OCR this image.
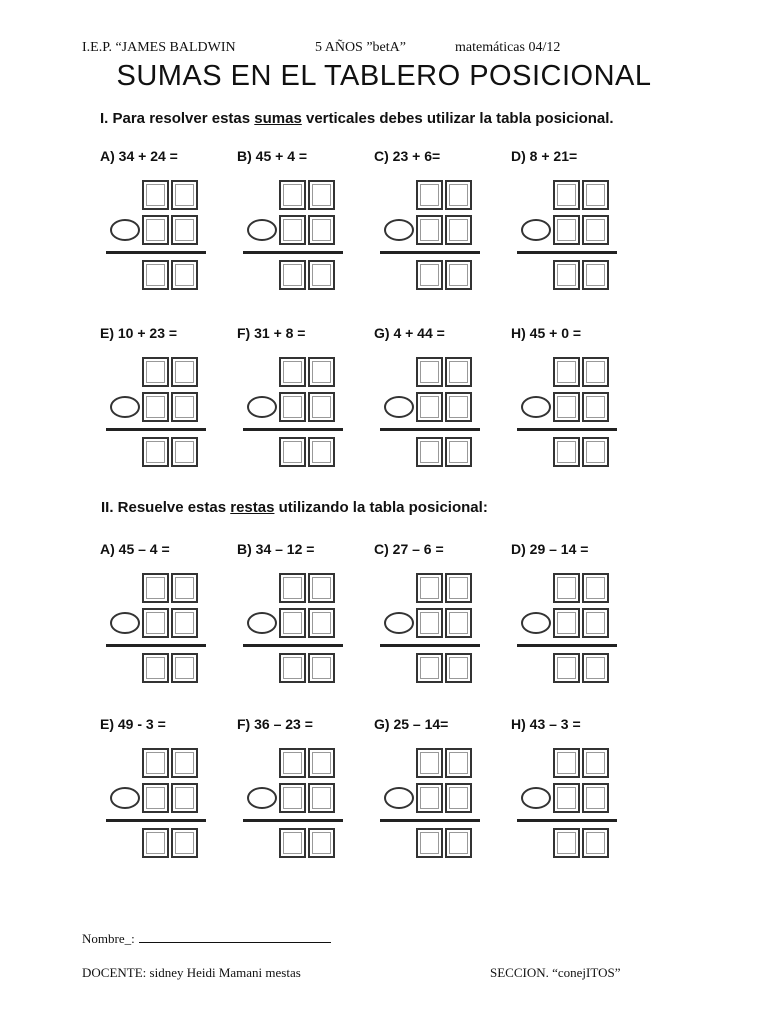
I.E.P. “JAMES BALDWIN	5 AÑOS ”betA”	matemáticas 04/12
SUMAS EN EL TABLERO POSICIONAL
I. Para resolver estas sumas verticales debes utilizar la tabla posicional.
II. Resuelve estas restas utilizando la tabla posicional:
A) 34 + 24 =	B) 45 + 4 =	C) 23 + 6=	D) 8 + 21=
E) 10 + 23 =	F) 31 + 8 =	G) 4 + 44 =	H) 45 + 0 =
A) 45 – 4 =	B) 34 – 12 =	C) 27 – 6 =	D) 29 – 14 =
E) 49 - 3 =	F) 36 – 23 =	G) 25 – 14=	H) 43 – 3 =
Nombre_:
DOCENTE: sidney Heidi Mamani mestas	SECCION. “conejITOS”
